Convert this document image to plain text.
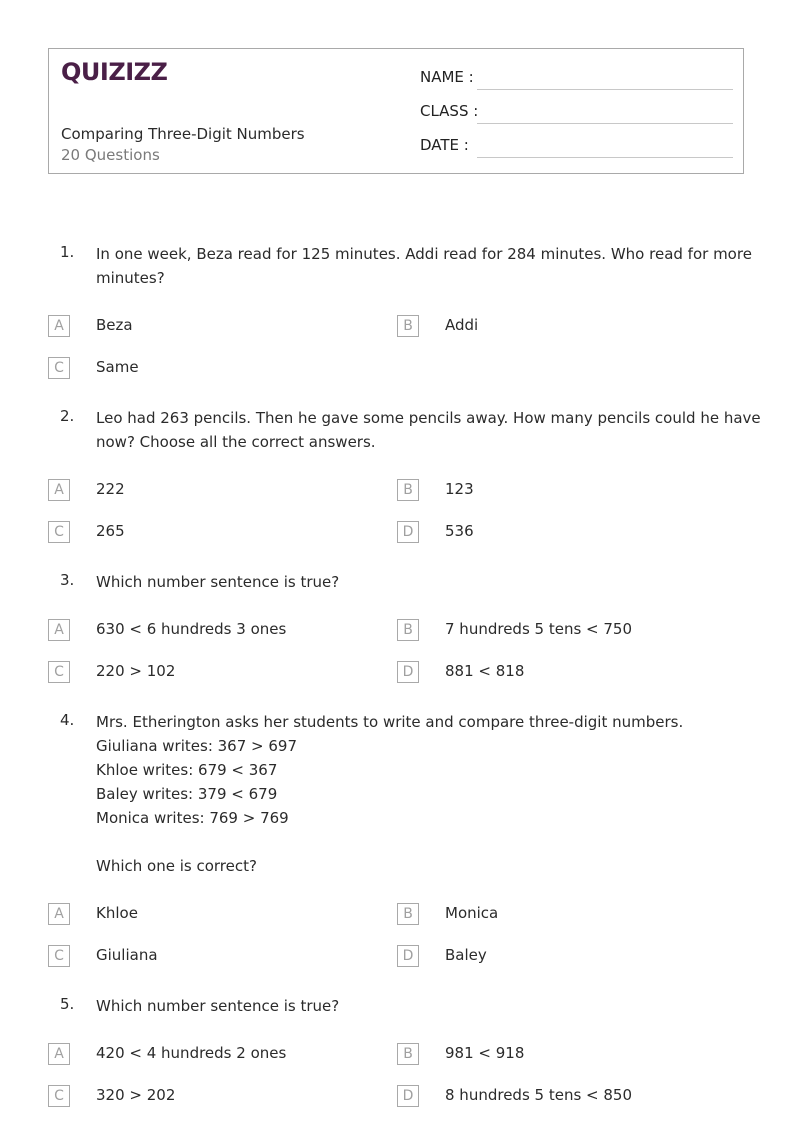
QUIZIZZ
Comparing Three-Digit Numbers
20 Questions
NAME :
CLASS :
DATE :
1. In one week, Beza read for 125 minutes. Addi read for 284 minutes. Who read for more
minutes?
A	Beza	B	Addi
C	Same
2. Leo had 263 pencils. Then he gave some pencils away. How many pencils could he have
now? Choose all the correct answers.
A	222	B	123
C	265	D	536
3. Which number sentence is true?
A	630 < 6 hundreds 3 ones	B	7 hundreds 5 tens < 750
C	220 > 102	D	881 < 818
4. Mrs. Etherington asks her students to write and compare three-digit numbers.
Giuliana writes: 367 > 697
Khloe writes: 679 < 367
Baley writes: 379 < 679
Monica writes: 769 > 769
Which one is correct?
A	Khloe	B	Monica
C	Giuliana	D	Baley
5. Which number sentence is true?
A	420 < 4 hundreds 2 ones	B	981 < 918
C	320 > 202	D	8 hundreds 5 tens < 850
